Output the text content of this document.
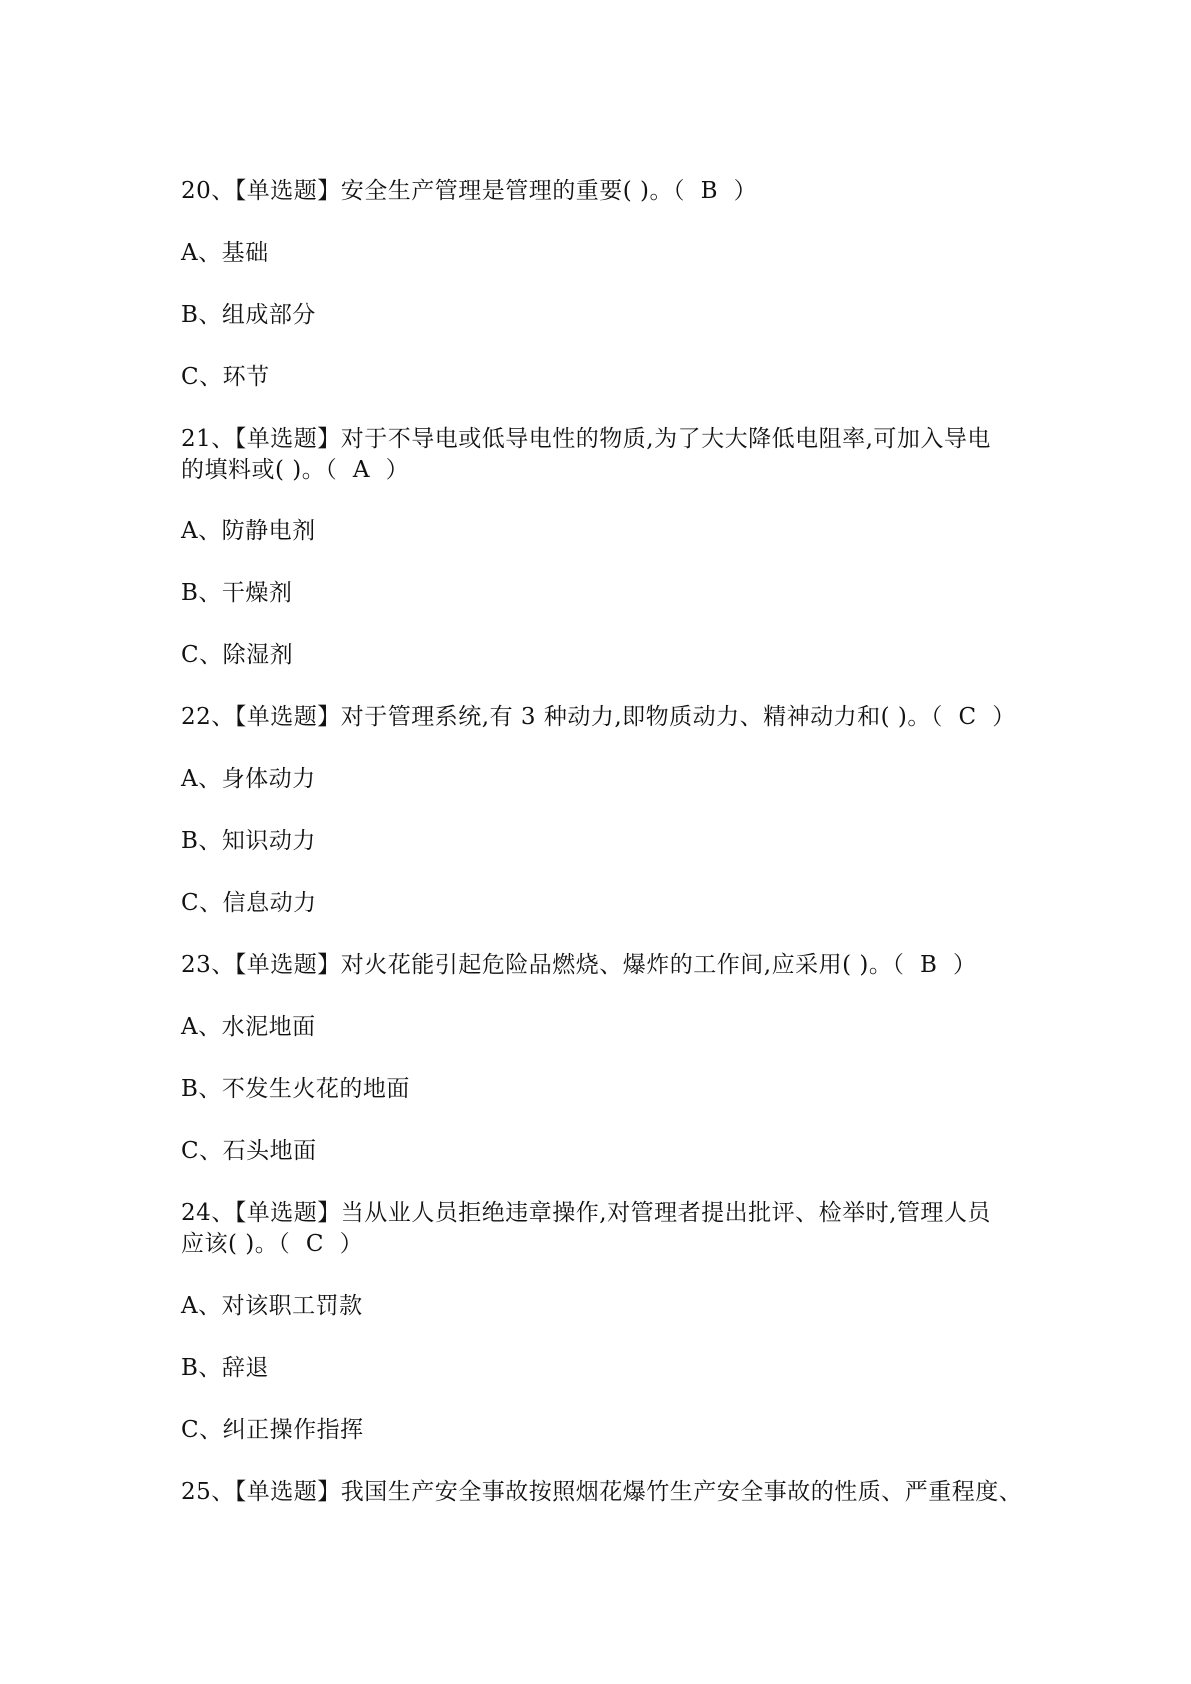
20、【单选题】安全生产管理是管理的重要( )。（  B  ）
A、基础
B、组成部分
C、环节
21、【单选题】对于不导电或低导电性的物质,为了大大降低电阻率,可加入导电
的填料或( )。（  A  ）
A、防静电剂
B、干燥剂
C、除湿剂
22、【单选题】对于管理系统,有 3 种动力,即物质动力、精神动力和( )。（  C  ）
A、身体动力
B、知识动力
C、信息动力
23、【单选题】对火花能引起危险品燃烧、爆炸的工作间,应采用( )。（  B  ）
A、水泥地面
B、不发生火花的地面
C、石头地面
24、【单选题】当从业人员拒绝违章操作,对管理者提出批评、检举时,管理人员
应该( )。（  C  ）
A、对该职工罚款
B、辞退
C、纠正操作指挥
25、【单选题】我国生产安全事故按照烟花爆竹生产安全事故的性质、严重程度、
